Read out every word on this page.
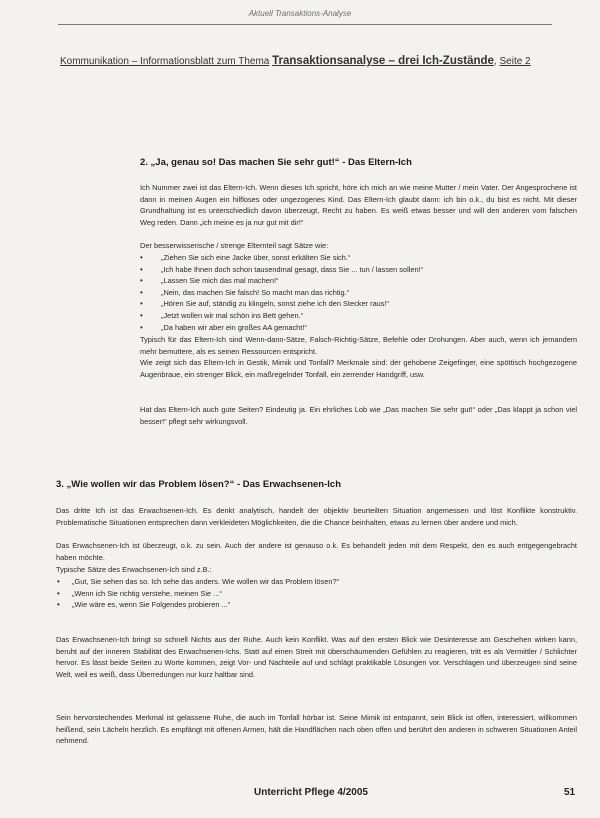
Aktuell Transaktions-Analyse
Kommunikation – Informationsblatt zum Thema Transaktionsanalyse – drei Ich-Zustände, Seite 2
2. „Ja, genau so! Das machen Sie sehr gut!“ - Das Eltern-Ich
Ich Nummer zwei ist das Eltern-Ich. Wenn dieses Ich spricht, höre ich mich an wie meine Mutter / mein Vater. Der Angesprochene ist dann in meinen Augen ein hilfloses oder ungezogenes Kind. Das Eltern-Ich glaubt dann: ich bin o.k., du bist es nicht. Mit dieser Grundhaltung ist es unterschiedlich davon überzeugt, Recht zu haben. Es weiß etwas besser und will den anderen vom falschen Weg reden. Dann „ich meine es ja nur gut mit dir!“
Der besserwisserische / strenge Elternteil sagt Sätze wie:
• „Ziehen Sie sich eine Jacke über, sonst erkälten Sie sich.“
• „Ich habe Ihnen doch schon tausendmal gesagt, dass Sie ... tun / lassen sollen!“
• „Lassen Sie mich das mal machen!“
• „Nein, das machen Sie falsch! So macht man das richtig.“
• „Hören Sie auf, ständig zu klingeln, sonst ziehe ich den Stecker raus!“
• „Jetzt wollen wir mal schön ins Bett gehen.“
• „Da haben wir aber ein großes AA gemacht!“
Typisch für das Eltern-Ich sind Wenn-dann-Sätze, Falsch-Richtig-Sätze, Befehle oder Drohungen. Aber auch, wenn ich jemandem mehr bemuttere, als es seinen Ressourcen entspricht.
Wie zeigt sich das Eltern-Ich in Gestik, Mimik und Tonfall? Merkmale sind: der gehobene Zeigefinger, eine spöttisch hochgezogene Augenbraue, ein strenger Blick, ein maßregelnder Tonfall, ein zerrender Handgriff, usw.
Hat das Eltern-Ich auch gute Seiten? Eindeutig ja. Ein ehrliches Lob wie „Das machen Sie sehr gut!“ oder „Das klappt ja schon viel besser!“ pflegt sehr wirkungsvoll.
3. „Wie wollen wir das Problem lösen?“ - Das Erwachsenen-Ich
Das dritte Ich ist das Erwachsenen-Ich. Es denkt analytisch, handelt der objektiv beurteilten Situation angemessen und löst Konflikte konstruktiv. Problematische Situationen entsprechen dann verkleideten Möglichkeiten, die die Chance beinhalten, etwas zu lernen über andere und mich.
Das Erwachsenen-Ich ist überzeugt, o.k. zu sein. Auch der andere ist genauso o.k. Es behandelt jeden mit dem Respekt, den es auch entgegengebracht haben möchte.
Typische Sätze des Erwachsenen-Ich sind z.B.:
• „Gut, Sie sehen das so. Ich sehe das anders. Wie wollen wir das Problem lösen?“
• „Wenn ich Sie richtig verstehe, meinen Sie ...“
• „Wie wäre es, wenn Sie Folgendes probieren ...“
Das Erwachsenen-Ich bringt so schnell Nichts aus der Ruhe. Auch kein Konflikt. Was auf den ersten Blick wie Desinteresse am Geschehen wirken kann, beruht auf der inneren Stabilität des Erwachsenen-Ichs. Statt auf einen Streit mit überschäumenden Gefühlen zu reagieren, tritt es als Vermittler / Schlichter hervor. Es lässt beide Seiten zu Worte kommen, zeigt Vor- und Nachteile auf und schlägt praktikable Lösungen vor. Verschlagen und überzeugen sind seine Welt, weil es weiß, dass Überredungen nur kurz haltbar sind.
Sein hervorstechendes Merkmal ist gelassene Ruhe, die auch im Tonfall hörbar ist. Seine Mimik ist entspannt, sein Blick ist offen, interessiert, willkommen heißend, sein Lächeln herzlich. Es empfängt mit offenen Armen, hält die Handflächen nach oben offen und berührt den anderen in schweren Situationen Anteil nehmend.
Unterricht Pflege 4/2005	51
